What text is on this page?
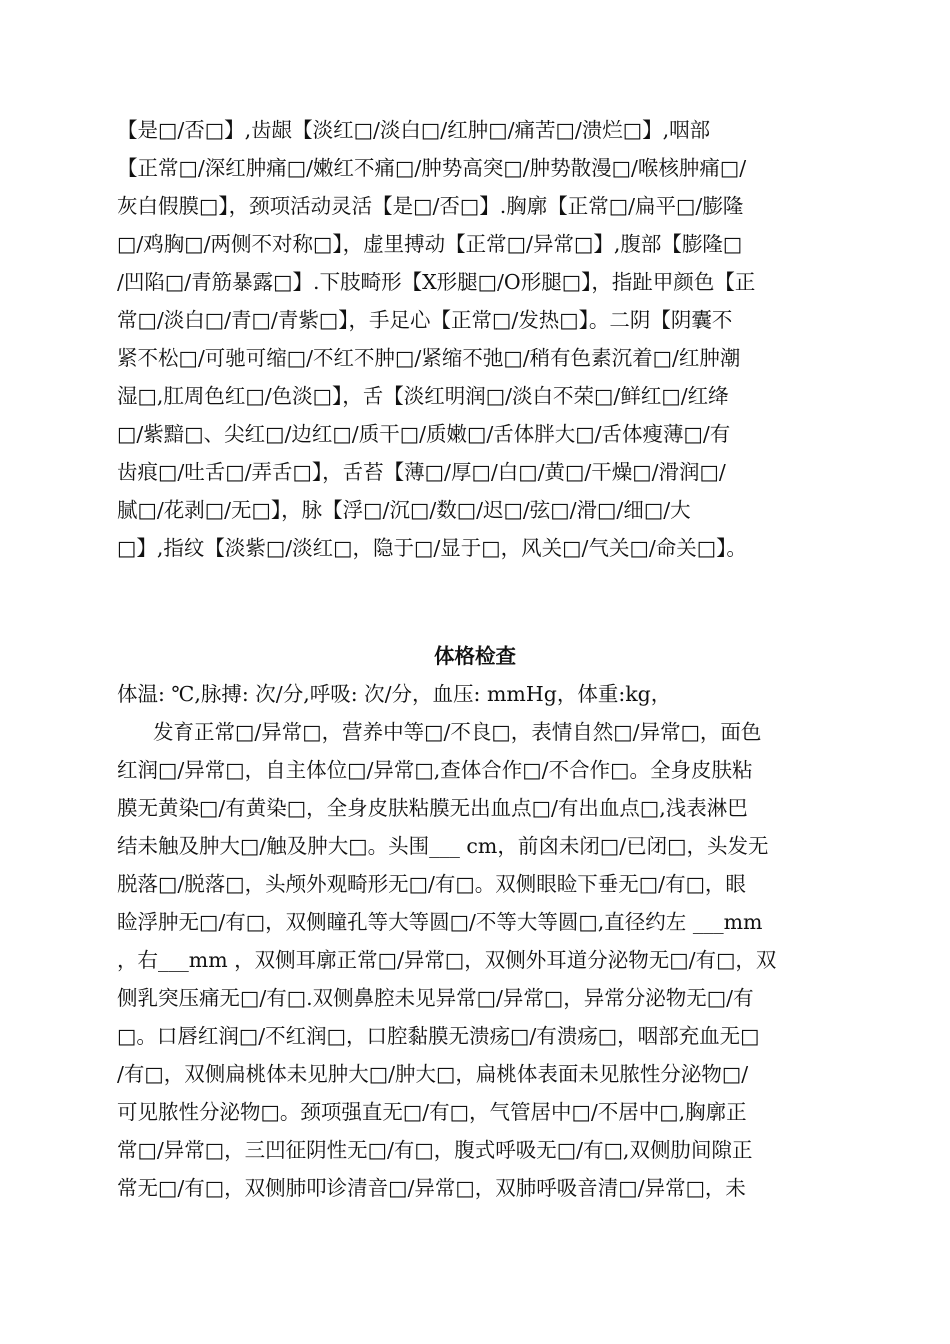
【是□/否□】,齿龈【淡红□/淡白□/红肿□/痛苦□/溃烂□】,咽部
【正常□/深红肿痛□/嫩红不痛□/肿势高突□/肿势散漫□/喉核肿痛□/
灰白假膜□】，颈项活动灵活【是□/否□】.胸廓【正常□/扁平□/膨隆
□/鸡胸□/两侧不对称□】，虚里搏动【正常□/异常□】,腹部【膨隆□
/凹陷□/青筋暴露□】.下肢畸形【X形腿□/O形腿□】，指趾甲颜色【正
常□/淡白□/青□/青紫□】，手足心【正常□/发热□】。二阴【阴囊不
紧不松□/可驰可缩□/不红不肿□/紧缩不弛□/稍有色素沉着□/红肿潮
湿□,肛周色红□/色淡□】，舌【淡红明润□/淡白不荣□/鲜红□/红绛
□/紫黯□、尖红□/边红□/质干□/质嫩□/舌体胖大□/舌体瘦薄□/有
齿痕□/吐舌□/弄舌□】，舌苔【薄□/厚□/白□/黄□/干燥□/滑润□/
腻□/花剥□/无□】，脉【浮□/沉□/数□/迟□/弦□/滑□/细□/大
□】,指纹【淡紫□/淡红□，隐于□/显于□，风关□/气关□/命关□】。
体格检查
体温: ℃,脉搏: 次/分,呼吸: 次/分，血压: mmHg，体重:kg，
发育正常□/异常□，营养中等□/不良□，表情自然□/异常□，面色
红润□/异常□，自主体位□/异常□,查体合作□/不合作□。全身皮肤粘
膜无黄染□/有黄染□，全身皮肤粘膜无出血点□/有出血点□,浅表淋巴
结未触及肿大□/触及肿大□。头围___ cm，前囟未闭□/已闭□，头发无
脱落□/脱落□，头颅外观畸形无□/有□。双侧眼睑下垂无□/有□，眼
睑浮肿无□/有□，双侧瞳孔等大等圆□/不等大等圆□,直径约左 ___mm
，右___mm ，双侧耳廓正常□/异常□，双侧外耳道分泌物无□/有□，双
侧乳突压痛无□/有□.双侧鼻腔未见异常□/异常□，异常分泌物无□/有
□。口唇红润□/不红润□，口腔黏膜无溃疡□/有溃疡□，咽部充血无□
/有□，双侧扁桃体未见肿大□/肿大□，扁桃体表面未见脓性分泌物□/
可见脓性分泌物□。颈项强直无□/有□，气管居中□/不居中□,胸廓正
常□/异常□，三凹征阴性无□/有□，腹式呼吸无□/有□,双侧肋间隙正
常无□/有□，双侧肺叩诊清音□/异常□，双肺呼吸音清□/异常□，未
